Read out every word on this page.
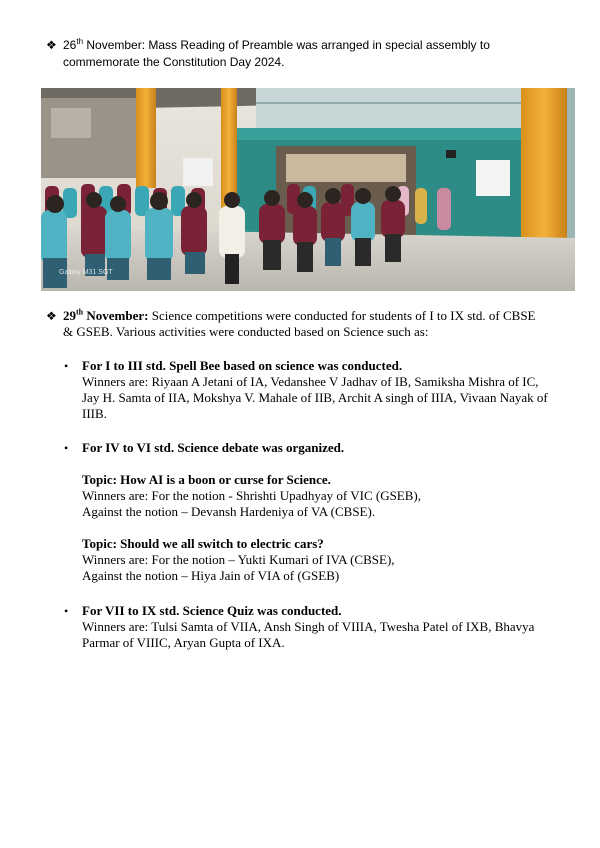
❖ 26th November: Mass Reading of Preamble was arranged in special assembly to
commemorate the Constitution Day 2024.
Galaxy M31 SGT
❖ 29th November: Science competitions were conducted for students of I to IX std. of CBSE & GSEB. Various activities were conducted based on Science such as:
• For I to III std. Spell Bee based on science was conducted.
Winners are: Riyaan A Jetani of IA, Vedanshee V Jadhav of IB, Samiksha Mishra of IC, Jay H. Samta of IIA, Mokshya V. Mahale of IIB, Archit A singh of IIIA, Vivaan Nayak of IIIB.
• For IV to VI std. Science debate was organized.
Topic: How AI is a boon or curse for Science.
Winners are: For the notion - Shrishti Upadhyay of VIC (GSEB),
Against the notion – Devansh Hardeniya of VA (CBSE).
Topic: Should we all switch to electric cars?
Winners are: For the notion – Yukti Kumari of IVA (CBSE),
Against the notion – Hiya Jain of VIA of (GSEB)
• For VII to IX std. Science Quiz was conducted.
Winners are: Tulsi Samta of VIIA, Ansh Singh of VIIIA, Twesha Patel of IXB, Bhavya Parmar of VIIIC, Aryan Gupta of IXA.
